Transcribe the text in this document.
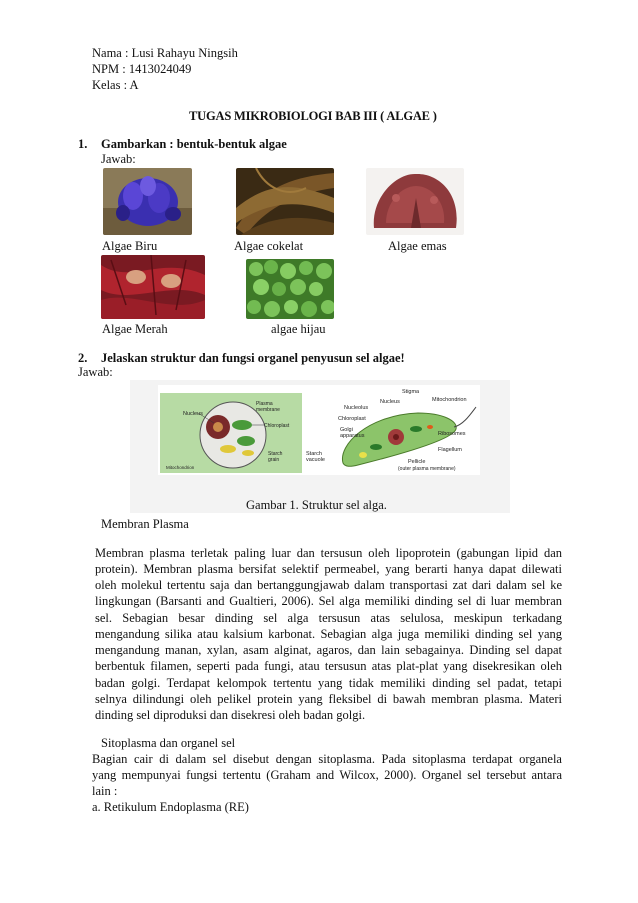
Nama : Lusi Rahayu Ningsih
NPM : 1413024049
Kelas : A
TUGAS MIKROBIOLOGI BAB III ( ALGAE )
1. Gambarkan : bentuk-bentuk algae
Jawab:
Algae Biru	Algae cokelat	Algae emas
Algae Merah	algae hijau
2. Jelaskan struktur dan fungsi organel penyusun sel algae!
Jawab:
Nucleus
Plasma
membrane
Chloroplast
Starch
grain
Mitochondrion
Stigma
Nucleus
Nucleolus
Chloroplast
Golgi
apparatus
Mitochondrion
Ribosomes
Flagellum
Starch
vacuole	Pellicle
(outer plasma membrane)
Gambar 1. Struktur sel alga.
Membran Plasma
Membran plasma terletak paling luar dan tersusun oleh lipoprotein (gabungan lipid dan
protein). Membran plasma bersifat selektif permeabel, yang berarti hanya dapat dilewati
oleh molekul tertentu saja dan bertanggungjawab dalam transportasi zat dari dalam sel ke
lingkungan (Barsanti and Gualtieri, 2006). Sel alga memiliki dinding sel di luar membran
sel. Sebagian besar dinding sel alga tersusun atas selulosa, meskipun terkadang
mengandung silika atau kalsium karbonat. Sebagian alga juga memiliki dinding sel yang
mengandung manan, xylan, asam alginat, agaros, dan lain sebagainya. Dinding sel dapat
berbentuk filamen, seperti pada fungi, atau tersusun atas plat-plat yang disekresikan oleh
badan golgi. Terdapat kelompok tertentu yang tidak memiliki dinding sel padat, tetapi
selnya dilindungi oleh pelikel protein yang fleksibel di bawah membran plasma. Materi
dinding sel diproduksi dan disekresi oleh badan golgi.
Sitoplasma dan organel sel
Bagian cair di dalam sel disebut dengan sitoplasma. Pada sitoplasma terdapat organela
yang mempunyai fungsi tertentu (Graham and Wilcox, 2000). Organel sel tersebut antara
lain :
a. Retikulum Endoplasma (RE)
